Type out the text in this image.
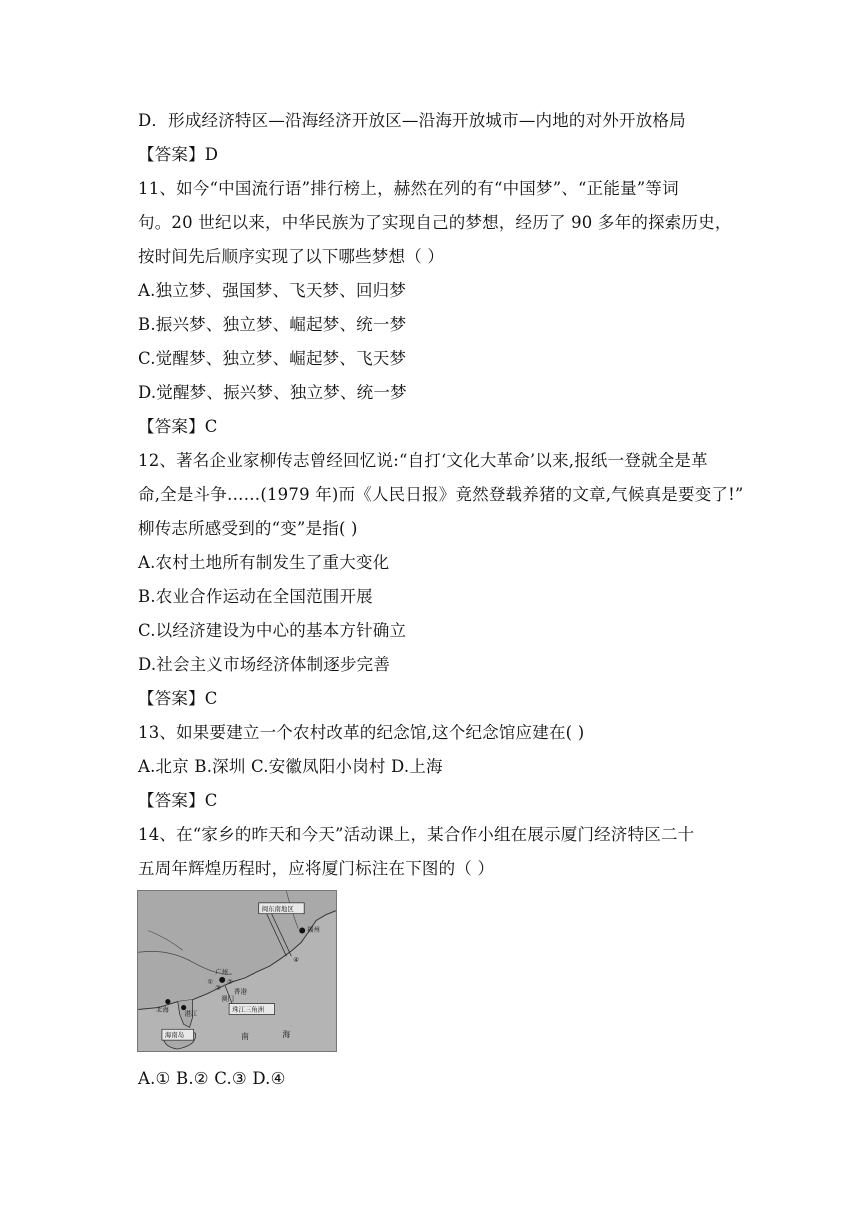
D．形成经济特区—沿海经济开放区—沿海开放城市—内地的对外开放格局
【答案】D
11、如今“中国流行语”排行榜上，赫然在列的有“中国梦”、“正能量”等词
句。20 世纪以来，中华民族为了实现自己的梦想，经历了 90 多年的探索历史，
按时间先后顺序实现了以下哪些梦想（ ）
A.独立梦、强国梦、飞天梦、回归梦
B.振兴梦、独立梦、崛起梦、统一梦
C.觉醒梦、独立梦、崛起梦、飞天梦
D.觉醒梦、振兴梦、独立梦、统一梦
【答案】C
12、著名企业家柳传志曾经回忆说:“自打‘文化大革命’以来,报纸一登就全是革
命,全是斗争……(1979 年)而《人民日报》竟然登载养猪的文章,气候真是要变了!”
柳传志所感受到的“变”是指( )
A.农村土地所有制发生了重大变化
B.农业合作运动在全国范围开展
C.以经济建设为中心的基本方针确立
D.社会主义市场经济体制逐步完善
【答案】C
13、如果要建立一个农村改革的纪念馆,这个纪念馆应建在( )
A.北京 B.深圳 C.安徽凤阳小岗村 D.上海
【答案】C
14、在“家乡的昨天和今天”活动课上，某合作小组在展示厦门经济特区二十
五周年辉煌历程时，应将厦门标注在下图的（ ）
闽东南地区
福州
④
广州
②
①
③ 香港
澳门
珠江三角洲
北海 湛江
海南岛	南	海
A.① B.② C.③ D.④
